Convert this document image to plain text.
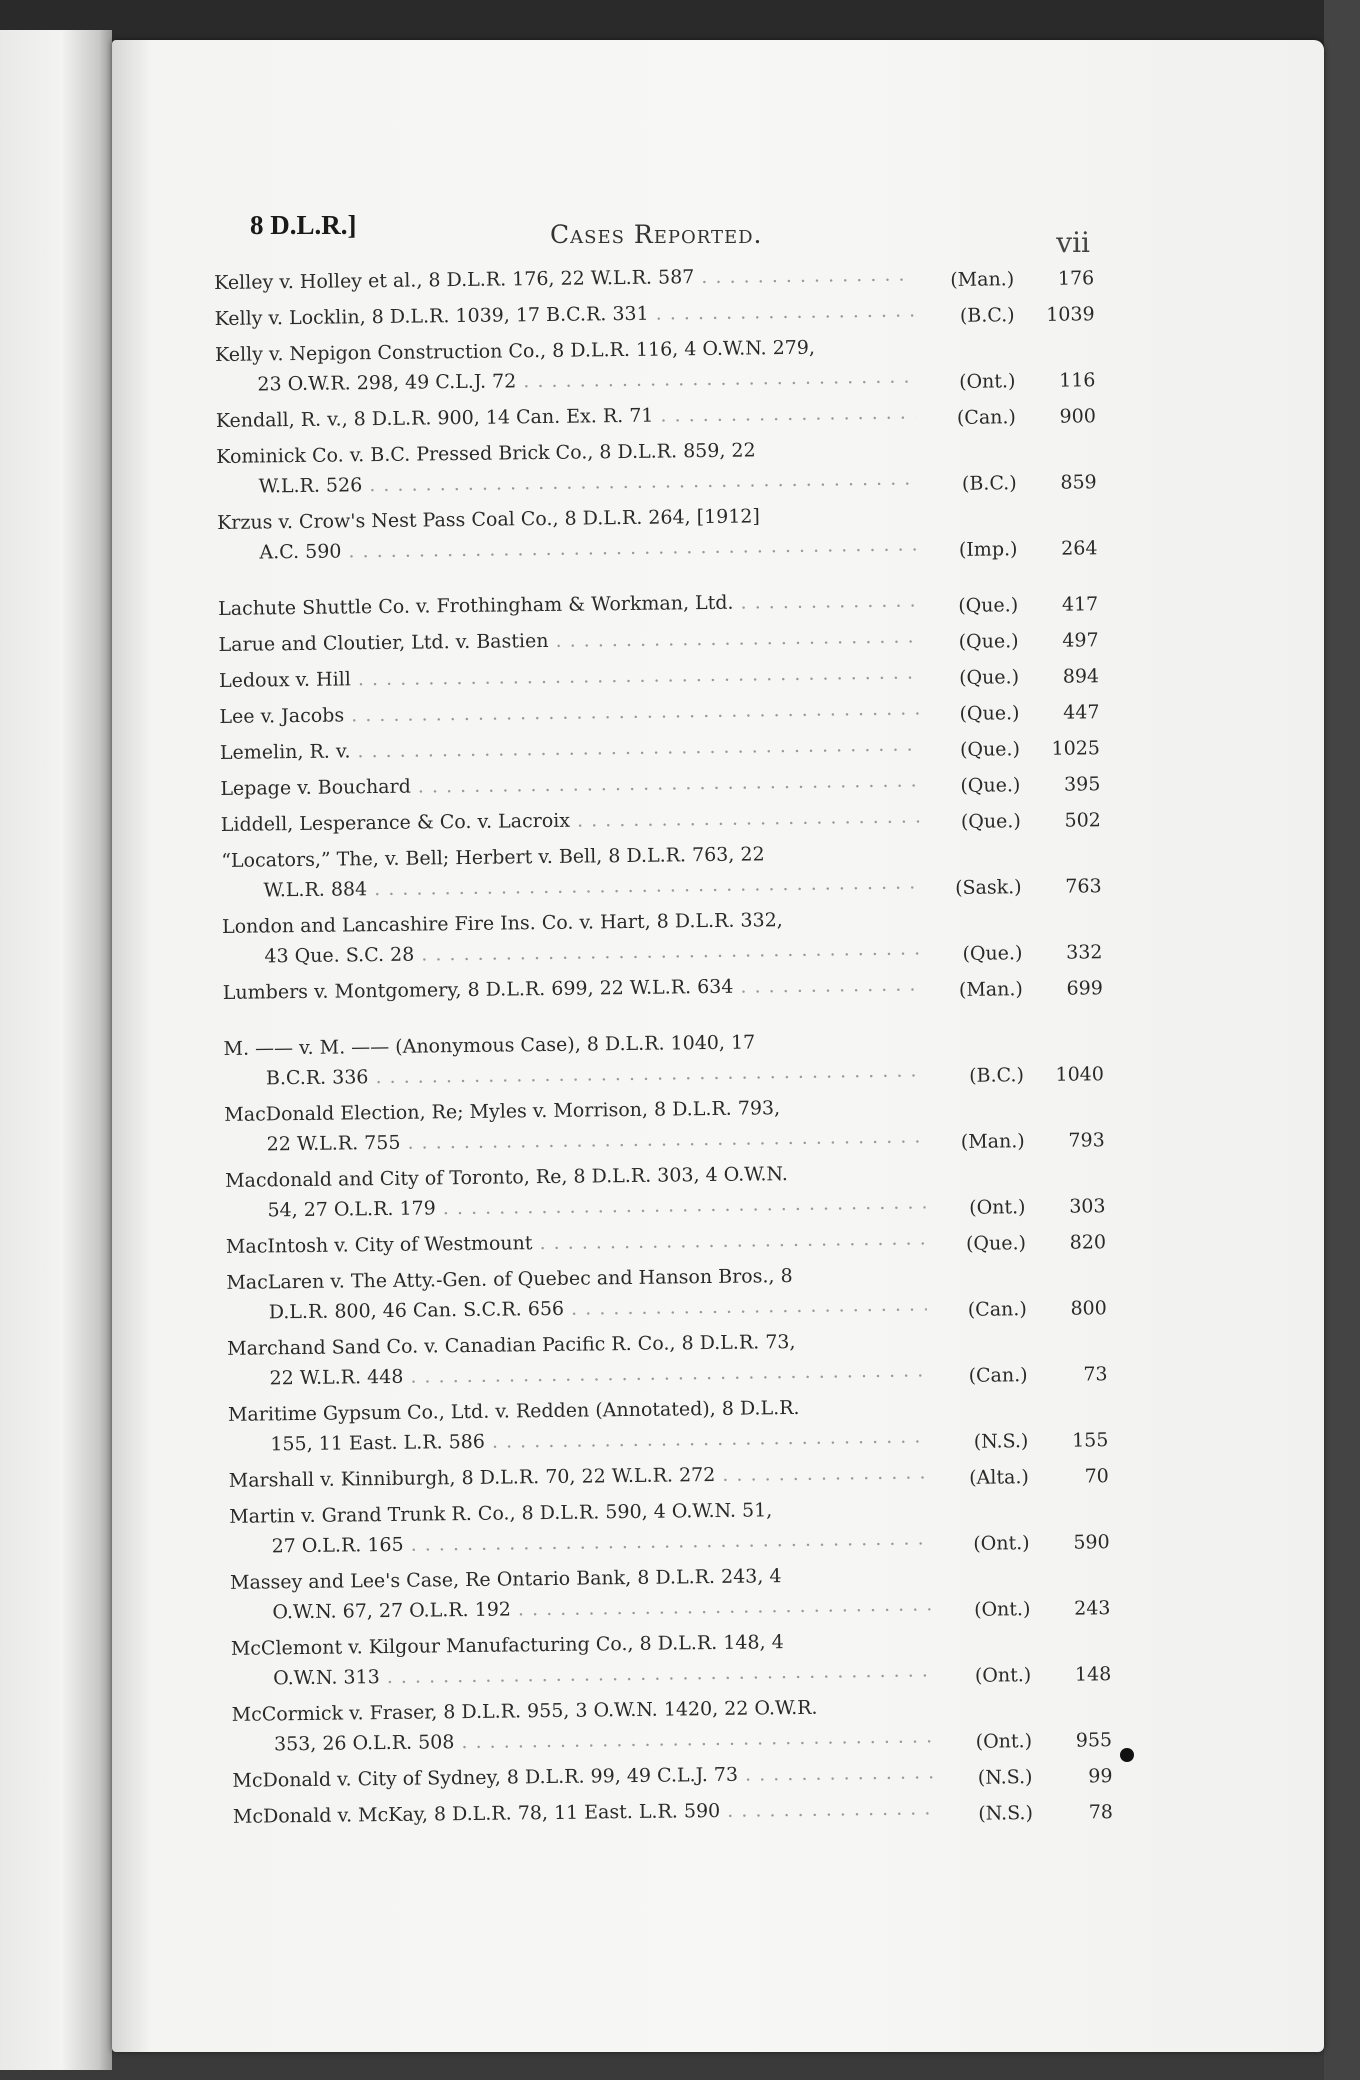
8 D.L.R.]	Cases Reported.	vii
Kelley v. Holley et al., 8 D.L.R. 176, 22 W.L.R. 587 . . .	(Man.)	176
Kelly v. Locklin, 8 D.L.R. 1039, 17 B.C.R. 331 . . .	(B.C.)	1039
Kelly v. Nepigon Construction Co., 8 D.L.R. 116, 4 O.W.N. 279,
23 O.W.R. 298, 49 C.L.J. 72 . . .	(Ont.)	116
Kendall, R. v., 8 D.L.R. 900, 14 Can. Ex. R. 71 . . .	(Can.)	900
Kominick Co. v. B.C. Pressed Brick Co., 8 D.L.R. 859, 22
W.L.R. 526 . . .	(B.C.)	859
Krzus v. Crow's Nest Pass Coal Co., 8 D.L.R. 264, [1912]
A.C. 590 . . .	(Imp.)	264
Lachute Shuttle Co. v. Frothingham & Workman, Ltd. . . .	(Que.)	417
Larue and Cloutier, Ltd. v. Bastien . . .	(Que.)	497
Ledoux v. Hill . . .	(Que.)	894
Lee v. Jacobs . . .	(Que.)	447
Lemelin, R. v. . . .	(Que.)	1025
Lepage v. Bouchard . . .	(Que.)	395
Liddell, Lesperance & Co. v. Lacroix . . .	(Que.)	502
“Locators,” The, v. Bell; Herbert v. Bell, 8 D.L.R. 763, 22
W.L.R. 884 . . .	(Sask.)	763
London and Lancashire Fire Ins. Co. v. Hart, 8 D.L.R. 332,
43 Que. S.C. 28 . . .	(Que.)	332
Lumbers v. Montgomery, 8 D.L.R. 699, 22 W.L.R. 634 . . .	(Man.)	699
M. —— v. M. —— (Anonymous Case), 8 D.L.R. 1040, 17
B.C.R. 336 . . .	(B.C.)	1040
MacDonald Election, Re; Myles v. Morrison, 8 D.L.R. 793,
22 W.L.R. 755 . . .	(Man.)	793
Macdonald and City of Toronto, Re, 8 D.L.R. 303, 4 O.W.N.
54, 27 O.L.R. 179 . . .	(Ont.)	303
MacIntosh v. City of Westmount . . .	(Que.)	820
MacLaren v. The Atty.-Gen. of Quebec and Hanson Bros., 8
D.L.R. 800, 46 Can. S.C.R. 656 . . .	(Can.)	800
Marchand Sand Co. v. Canadian Pacific R. Co., 8 D.L.R. 73,
22 W.L.R. 448 . . .	(Can.)	73
Maritime Gypsum Co., Ltd. v. Redden (Annotated), 8 D.L.R.
155, 11 East. L.R. 586 . . .	(N.S.)	155
Marshall v. Kinniburgh, 8 D.L.R. 70, 22 W.L.R. 272 . . .	(Alta.)	70
Martin v. Grand Trunk R. Co., 8 D.L.R. 590, 4 O.W.N. 51,
27 O.L.R. 165 . . .	(Ont.)	590
Massey and Lee's Case, Re Ontario Bank, 8 D.L.R. 243, 4
O.W.N. 67, 27 O.L.R. 192 . . .	(Ont.)	243
McClemont v. Kilgour Manufacturing Co., 8 D.L.R. 148, 4
O.W.N. 313 . . .	(Ont.)	148
McCormick v. Fraser, 8 D.L.R. 955, 3 O.W.N. 1420, 22 O.W.R.
353, 26 O.L.R. 508 . . .	(Ont.)	955
McDonald v. City of Sydney, 8 D.L.R. 99, 49 C.L.J. 73 . . .	(N.S.)	99
McDonald v. McKay, 8 D.L.R. 78, 11 East. L.R. 590 . . .	(N.S.)	78
